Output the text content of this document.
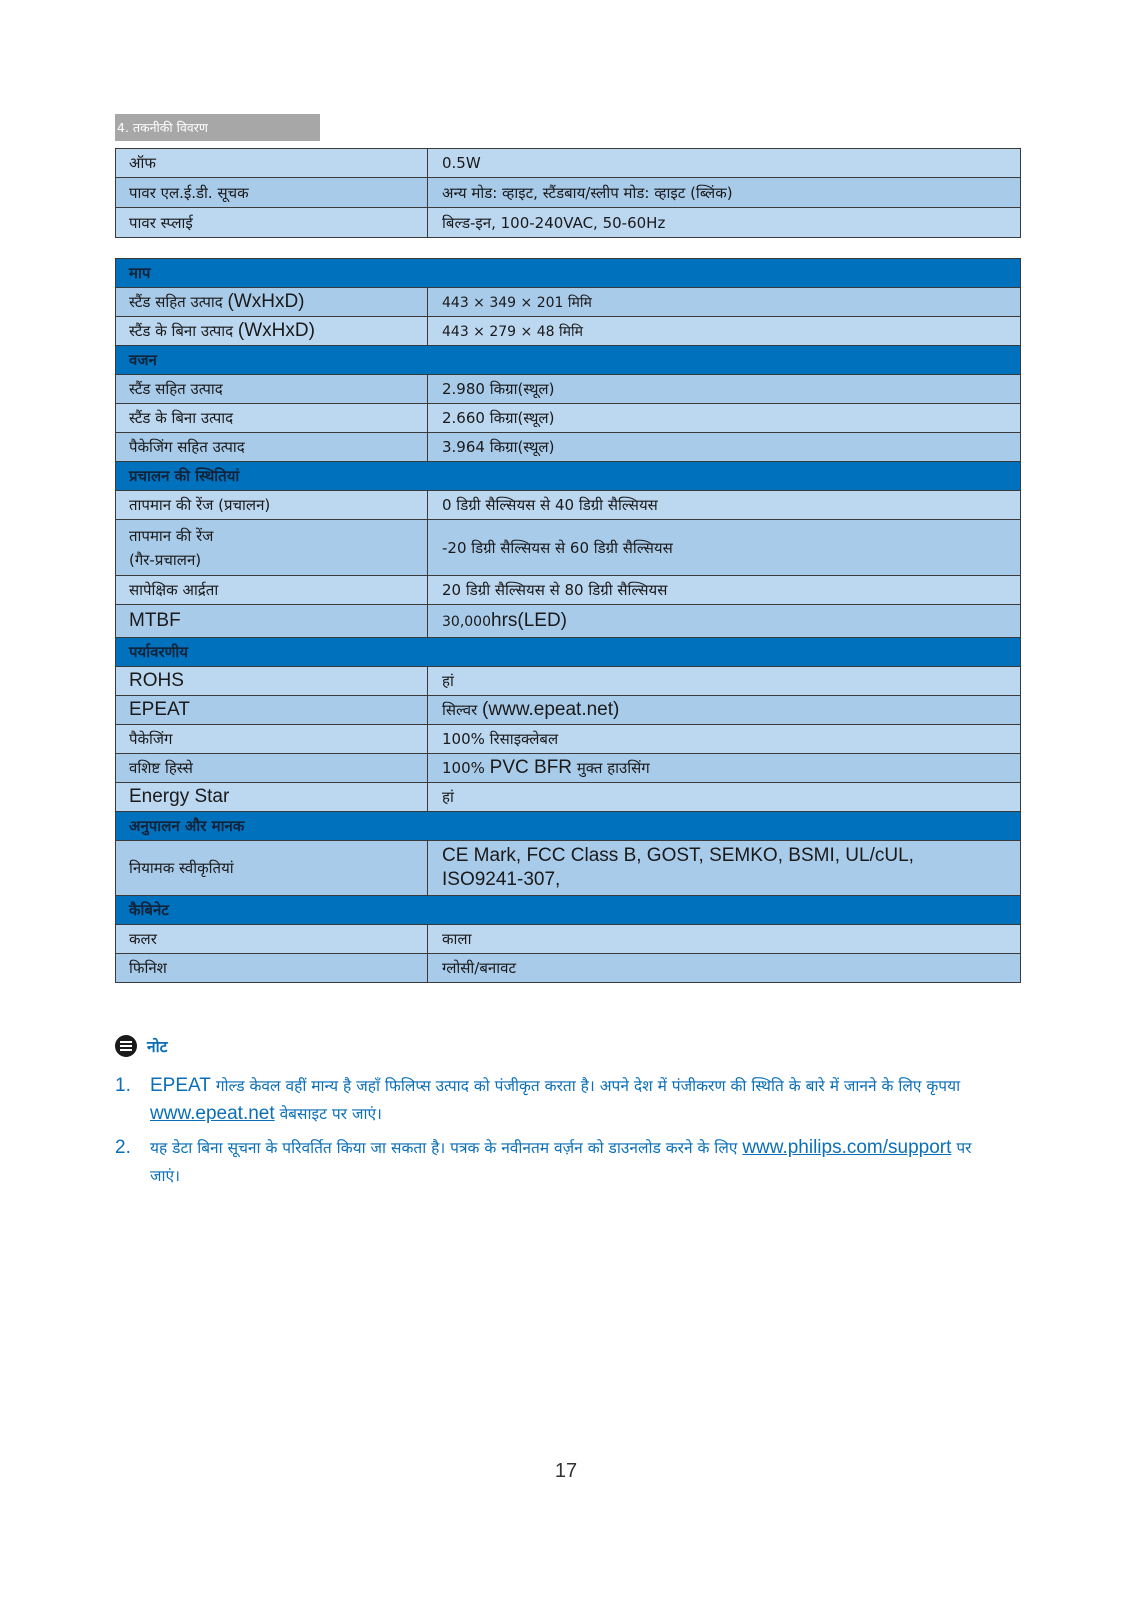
4. तकनीकी विवरण
ऑफ	0.5W
पावर एल.ई.डी. सूचक	अन्य मोड: व्हाइट, स्टैंडबाय/स्लीप मोड: व्हाइट (ब्लिंक)
पावर स्प्लाई	बिल्ड-इन, 100-240VAC, 50-60Hz
माप	
स्टैंड सहित उत्पाद (WxHxD)	443 × 349 × 201 मिमि
स्टैंड के बिना उत्पाद (WxHxD)	443 × 279 × 48 मिमि
वजन	
स्टैंड सहित उत्पाद	2.980 किग्रा(स्थूल)
स्टैंड के बिना उत्पाद	2.660 किग्रा(स्थूल)
पैकेजिंग सहित उत्पाद	3.964 किग्रा(स्थूल)
प्रचालन की स्थितियां	
तापमान की रेंज (प्रचालन)	0 डिग्री सैल्सियस से 40 डिग्री सैल्सियस

तापमान की रेंज
(गैर-प्रचालन)	-20 डिग्री सैल्सियस से 60 डिग्री सैल्सियस
सापेक्षिक आर्द्रता	20 डिग्री सैल्सियस से 80 डिग्री सैल्सियस
MTBF	30,000hrs(LED)
पर्यावरणीय	
ROHS	हां
EPEAT	सिल्वर (www.epeat.net)
पैकेजिंग	100% रिसाइक्लेबल
वशिष्ट हिस्से	100% PVC BFR मुक्त हाउसिंग
Energy Star	हां
अनुपालन और मानक	
नियामक स्वीकृतियां	CE Mark, FCC Class B, GOST, SEMKO, BSMI, UL/cUL, ISO9241-307,
कैबिनेट	
कलर	काला
फिनिश	ग्लोसी/बनावट
नोट
1. EPEAT गोल्ड केवल वहीं मान्य है जहाँ फिलिप्स उत्पाद को पंजीकृत करता है। अपने देश में पंजीकरण की स्थिति के बारे में जानने के लिए कृपया www.epeat.net वेबसाइट पर जाएं।
2. यह डेटा बिना सूचना के परिवर्तित किया जा सकता है। पत्रक के नवीनतम वर्ज़न को डाउनलोड करने के लिए www.philips.com/support पर जाएं।
17
